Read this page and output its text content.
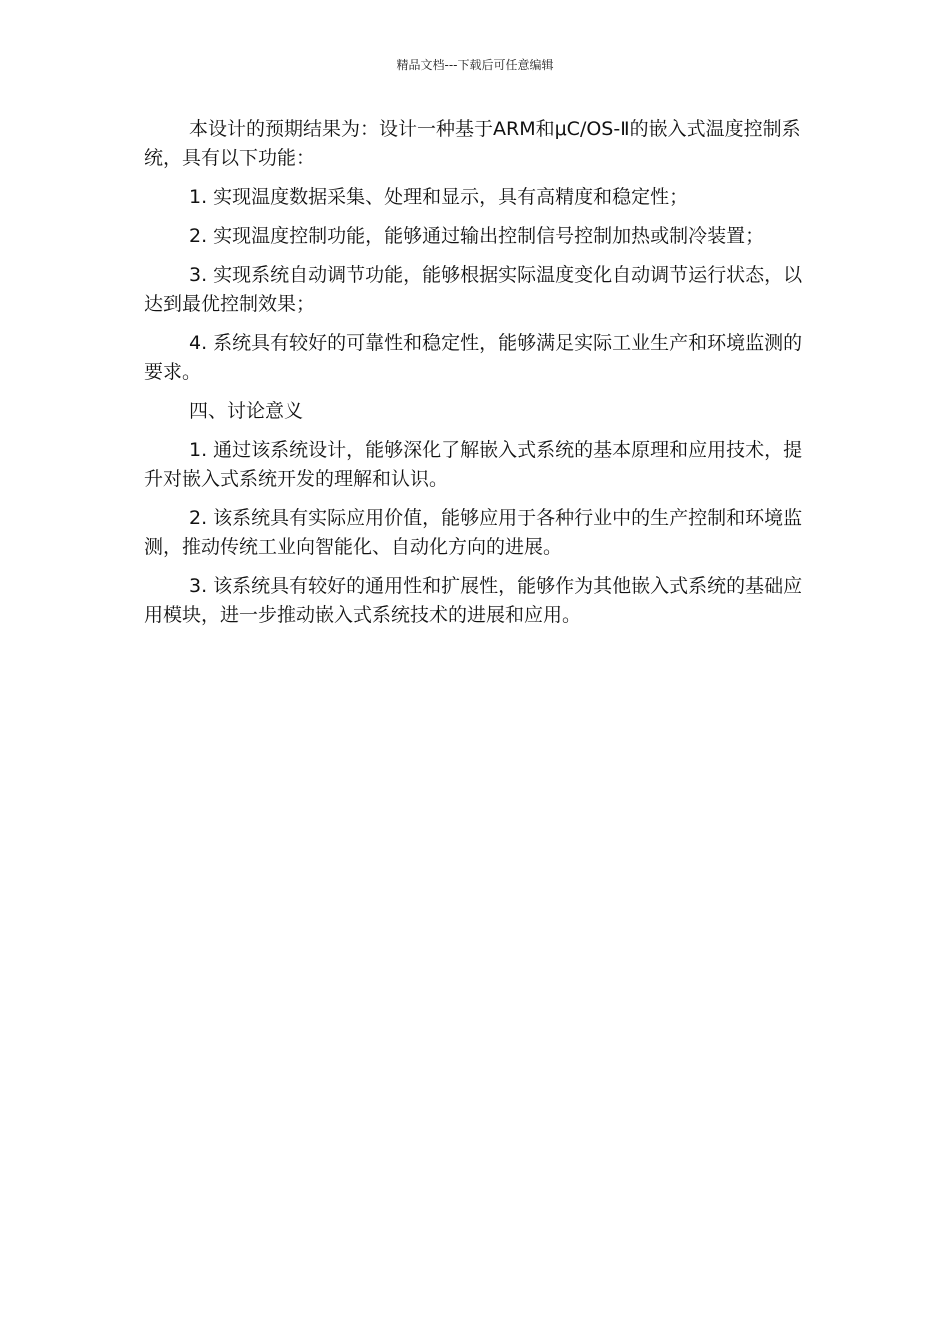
精品文档---下载后可任意编辑

本设计的预期结果为：设计一种基于ARM和μC/OS-Ⅱ的嵌入式温度控制系统，具有以下功能：

1. 实现温度数据采集、处理和显示，具有高精度和稳定性；

2. 实现温度控制功能，能够通过输出控制信号控制加热或制冷装置；

3. 实现系统自动调节功能，能够根据实际温度变化自动调节运行状态，以达到最优控制效果；

4. 系统具有较好的可靠性和稳定性，能够满足实际工业生产和环境监测的要求。

四、讨论意义

1. 通过该系统设计，能够深化了解嵌入式系统的基本原理和应用技术，提升对嵌入式系统开发的理解和认识。

2. 该系统具有实际应用价值，能够应用于各种行业中的生产控制和环境监测，推动传统工业向智能化、自动化方向的进展。

3. 该系统具有较好的通用性和扩展性，能够作为其他嵌入式系统的基础应用模块，进一步推动嵌入式系统技术的进展和应用。
